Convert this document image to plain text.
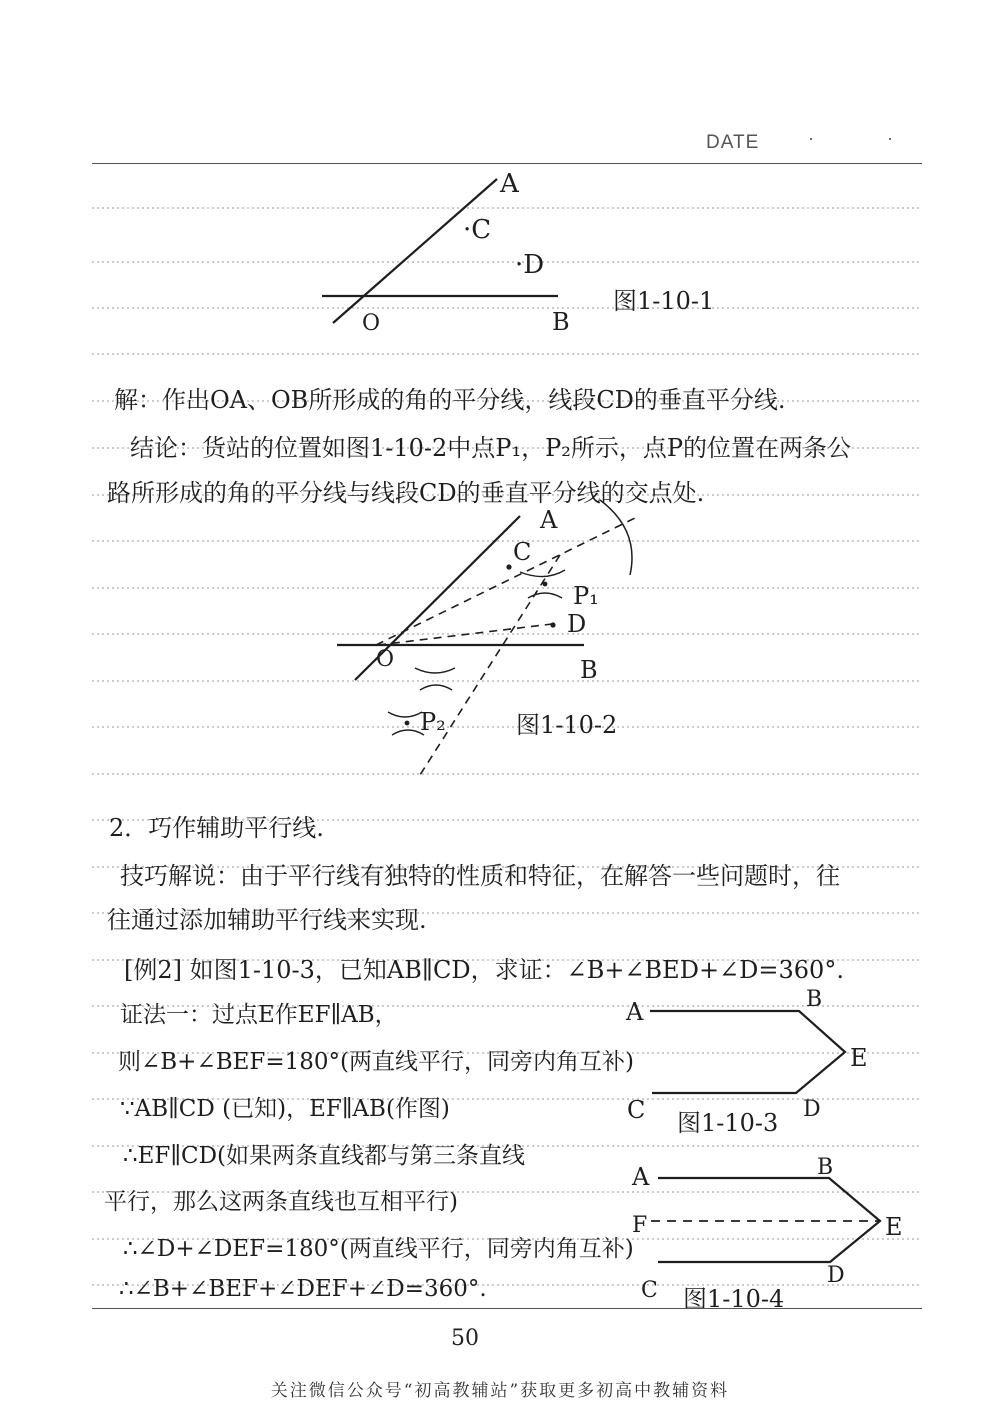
DATE	· ·
A
·C
·D
O	B
图1-10-1
解：作出OA、OB所形成的角的平分线，线段CD的垂直平分线.
结论：货站的位置如图1-10-2中点P₁，P₂所示，点P的位置在两条公
路所形成的角的平分线与线段CD的垂直平分线的交点处.
A
C
P₁
D
O	B
P₂	图1-10-2
2．巧作辅助平行线.
技巧解说：由于平行线有独特的性质和特征，在解答一些问题时，往
往通过添加辅助平行线来实现.
[例2] 如图1-10-3，已知AB∥CD，求证：∠B+∠BED+∠D=360°.
证法一：过点E作EF∥AB，
则∠B+∠BEF=180°(两直线平行，同旁内角互补)
∵AB∥CD (已知)，EF∥AB(作图)
∴EF∥CD(如果两条直线都与第三条直线
平行，那么这两条直线也互相平行)
∴∠D+∠DEF=180°(两直线平行，同旁内角互补)
∴∠B+∠BEF+∠DEF+∠D=360°.
A	B
E
C	D
图1-10-3
A	B
F	E
C
D
图1-10-4
50
关注微信公众号“初高教辅站”获取更多初高中教辅资料
